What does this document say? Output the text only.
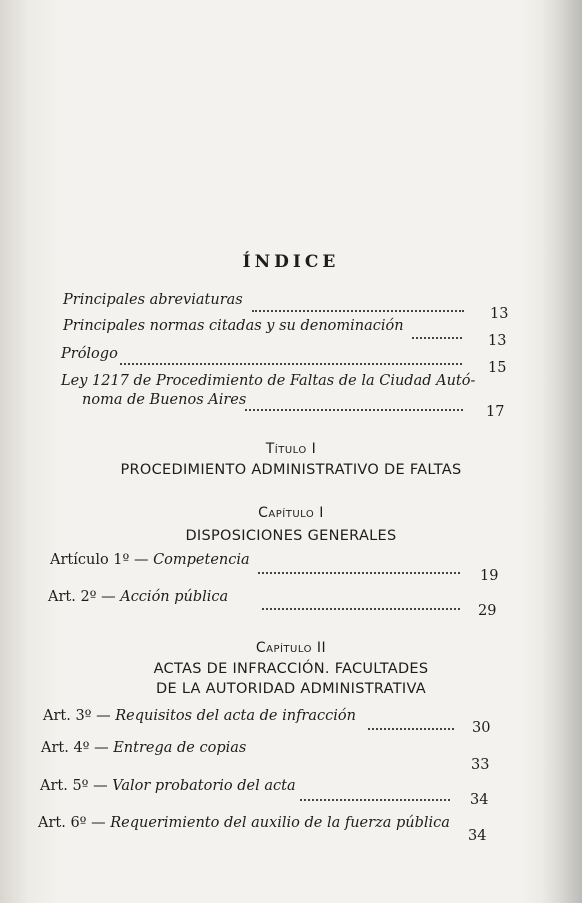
ÍNDICE
Principales abreviaturas
13
Principales normas citadas y su denominación
13
Prólogo
15
Ley 1217 de Procedimiento de Faltas de la Ciudad Autó-
noma de Buenos Aires
17
Título I
PROCEDIMIENTO ADMINISTRATIVO DE FALTAS
Capítulo I
DISPOSICIONES GENERALES
Artículo 1º — Competencia
19
Art. 2º — Acción pública
29
Capítulo II
ACTAS DE INFRACCIÓN. FACULTADES
DE LA AUTORIDAD ADMINISTRATIVA
Art. 3º — Requisitos del acta de infracción
30
Art. 4º — Entrega de copias
33
Art. 5º — Valor probatorio del acta
34
Art. 6º — Requerimiento del auxilio de la fuerza pública
34
